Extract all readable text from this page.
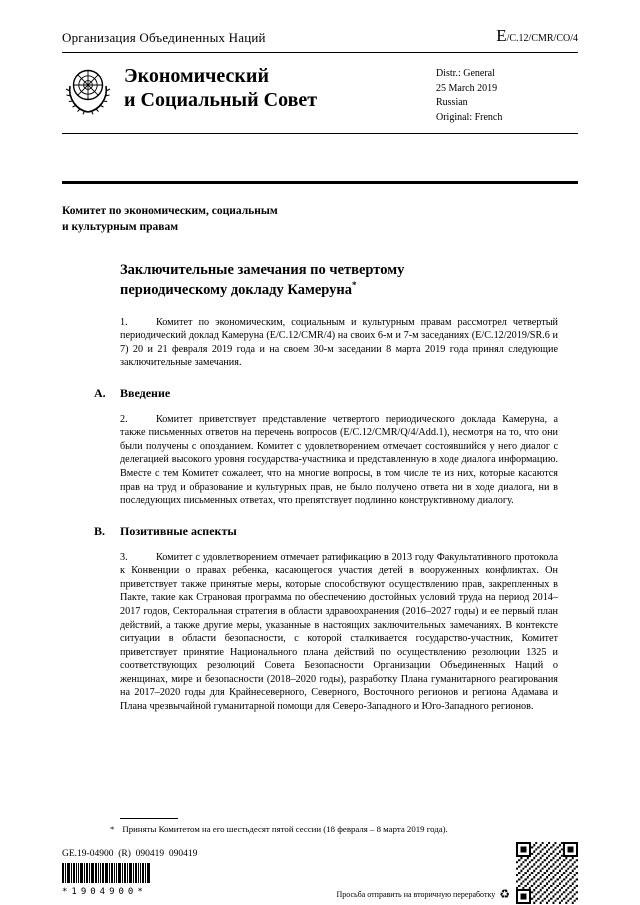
Организация Объединенных Наций	E/C.12/CMR/CO/4
Экономический
и Социальный Совет
Distr.: General
25 March 2019
Russian
Original: French
Комитет по экономическим, социальным
и культурным правам
Заключительные замечания по четвертому периодическому докладу Камеруна*

1.	Комитет по экономическим, социальным и культурным правам рассмотрел четвертый периодический доклад Камеруна (E/C.12/CMR/4) на своих 6-м и 7-м заседаниях (E/C.12/2019/SR.6 и 7) 20 и 21 февраля 2019 года и на своем 30-м заседании 8 марта 2019 года принял следующие заключительные замечания.

A. Введение

2.	Комитет приветствует представление четвертого периодического доклада Камеруна, а также письменных ответов на перечень вопросов (E/C.12/CMR/Q/4/Add.1), несмотря на то, что они были получены с опозданием. Комитет с удовлетворением отмечает состоявшийся у него диалог с делегацией высокого уровня государства-участника и представленную в ходе диалога информацию. Вместе с тем Комитет сожалеет, что на многие вопросы, в том числе те из них, которые касаются прав на труд и образование и культурных прав, не было получено ответа ни в ходе диалога, ни в последующих письменных ответах, что препятствует подлинно конструктивному диалогу.

B. Позитивные аспекты

3.	Комитет с удовлетворением отмечает ратификацию в 2013 году Факультативного протокола к Конвенции о правах ребенка, касающегося участия детей в вооруженных конфликтах. Он приветствует также принятые меры, которые способствуют осуществлению прав, закрепленных в Пакте, такие как Страновая программа по обеспечению достойных условий труда на период 2014–2017 годов, Секторальная стратегия в области здравоохранения (2016–2027 годы) и ее первый план действий, а также другие меры, указанные в настоящих заключительных замечаниях. В контексте ситуации в области безопасности, с которой сталкивается государство-участник, Комитет приветствует принятие Национального плана действий по осуществлению резолюции 1325 и соответствующих резолюций Совета Безопасности Организации Объединенных Наций о женщинах, мире и безопасности (2018–2020 годы), разработку Плана гуманитарного реагирования на 2017–2020 годы для Крайнесеверного, Северного, Восточного регионов и региона Адамава и Плана чрезвычайной гуманитарной помощи для Северо-Западного и Юго-Западного регионов.

* Приняты Комитетом на его шестьдесят пятой сессии (18 февраля – 8 марта 2019 года).
GE.19-04900  (R)  090419  090419
*1904900*	Просьба отправить на вторичную переработку ♻
